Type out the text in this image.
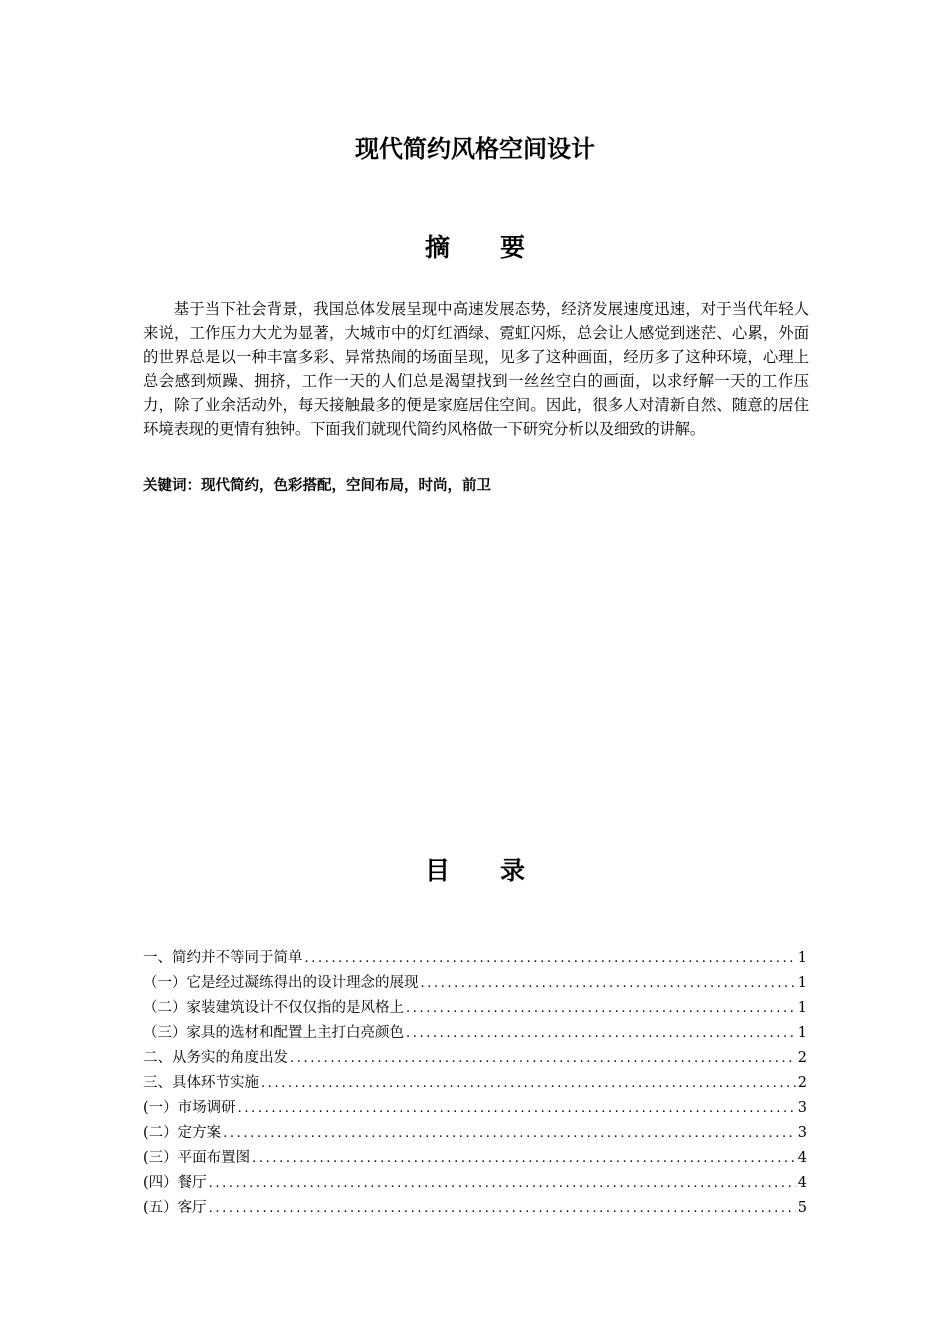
现代简约风格空间设计
摘 要
基于当下社会背景，我国总体发展呈现中高速发展态势，经济发展速度迅速，对于当代年轻人来说，工作压力大尤为显著，大城市中的灯红酒绿、霓虹闪烁，总会让人感觉到迷茫、心累，外面的世界总是以一种丰富多彩、异常热闹的场面呈现，见多了这种画面，经历多了这种环境，心理上总会感到烦躁、拥挤，工作一天的人们总是渴望找到一丝丝空白的画面，以求纾解一天的工作压力，除了业余活动外，每天接触最多的便是家庭居住空间。因此，很多人对清新自然、随意的居住环境表现的更情有独钟。下面我们就现代简约风格做一下研究分析以及细致的讲解。
关键词：现代简约，色彩搭配，空间布局，时尚，前卫
目 录
一、简约并不等同于简单 .....	1
（一）它是经过凝练得出的设计理念的展现 .....	1
（二）家装建筑设计不仅仅指的是风格上 .....	1
（三）家具的选材和配置上主打白亮颜色 .....	1
二、从务实的角度出发 .....	2
三、具体环节实施 .....	2
(一）市场调研 .....	3
(二）定方案 .....	3
(三）平面布置图 .....	4
(四）餐厅 .....	4
(五）客厅 .....	5
